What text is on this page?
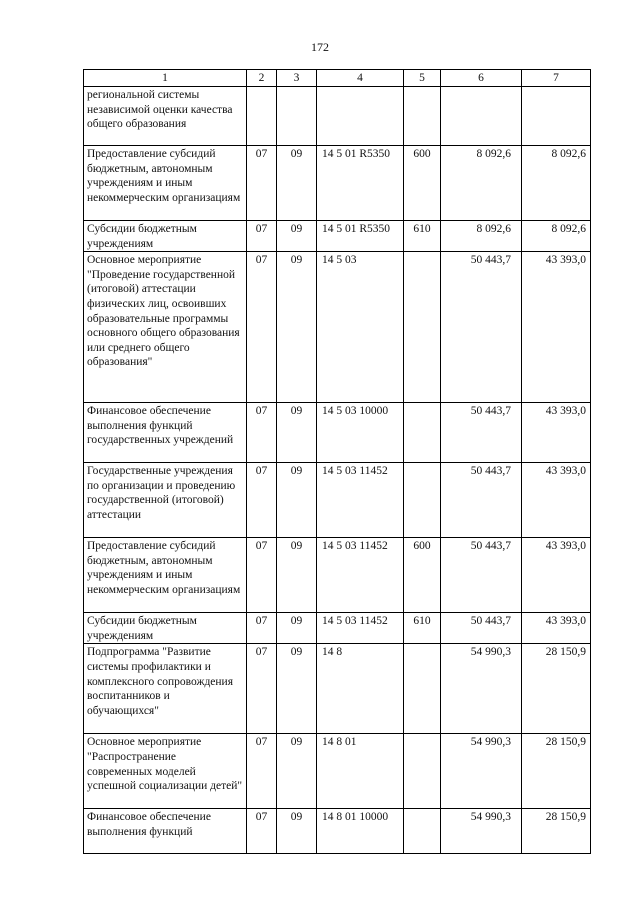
172
1	2	3	4	5	6	7
региональной системы независимой оценки качества общего образования						
Предоставление субсидий бюджетным, автономным учреждениям и иным некоммерческим организациям	07	09	14 5 01 R5350	600	8 092,6	8 092,6
Субсидии бюджетным учреждениям	07	09	14 5 01 R5350	610	8 092,6	8 092,6
Основное мероприятие "Проведение государственной (итоговой) аттестации физических лиц, освоивших образовательные программы основного общего образования или среднего общего образования"	07	09	14 5 03		50 443,7	43 393,0
Финансовое обеспечение выполнения функций государственных учреждений	07	09	14 5 03 10000		50 443,7	43 393,0
Государственные учреждения по организации и проведению государственной (итоговой) аттестации	07	09	14 5 03 11452		50 443,7	43 393,0
Предоставление субсидий бюджетным, автономным учреждениям и иным некоммерческим организациям	07	09	14 5 03 11452	600	50 443,7	43 393,0
Субсидии бюджетным учреждениям	07	09	14 5 03 11452	610	50 443,7	43 393,0
Подпрограмма "Развитие системы профилактики и комплексного сопровождения воспитанников и обучающихся"	07	09	14 8		54 990,3	28 150,9
Основное мероприятие "Распространение современных моделей успешной социализации детей"	07	09	14 8 01		54 990,3	28 150,9
Финансовое обеспечение выполнения функций	07	09	14 8 01 10000		54 990,3	28 150,9
